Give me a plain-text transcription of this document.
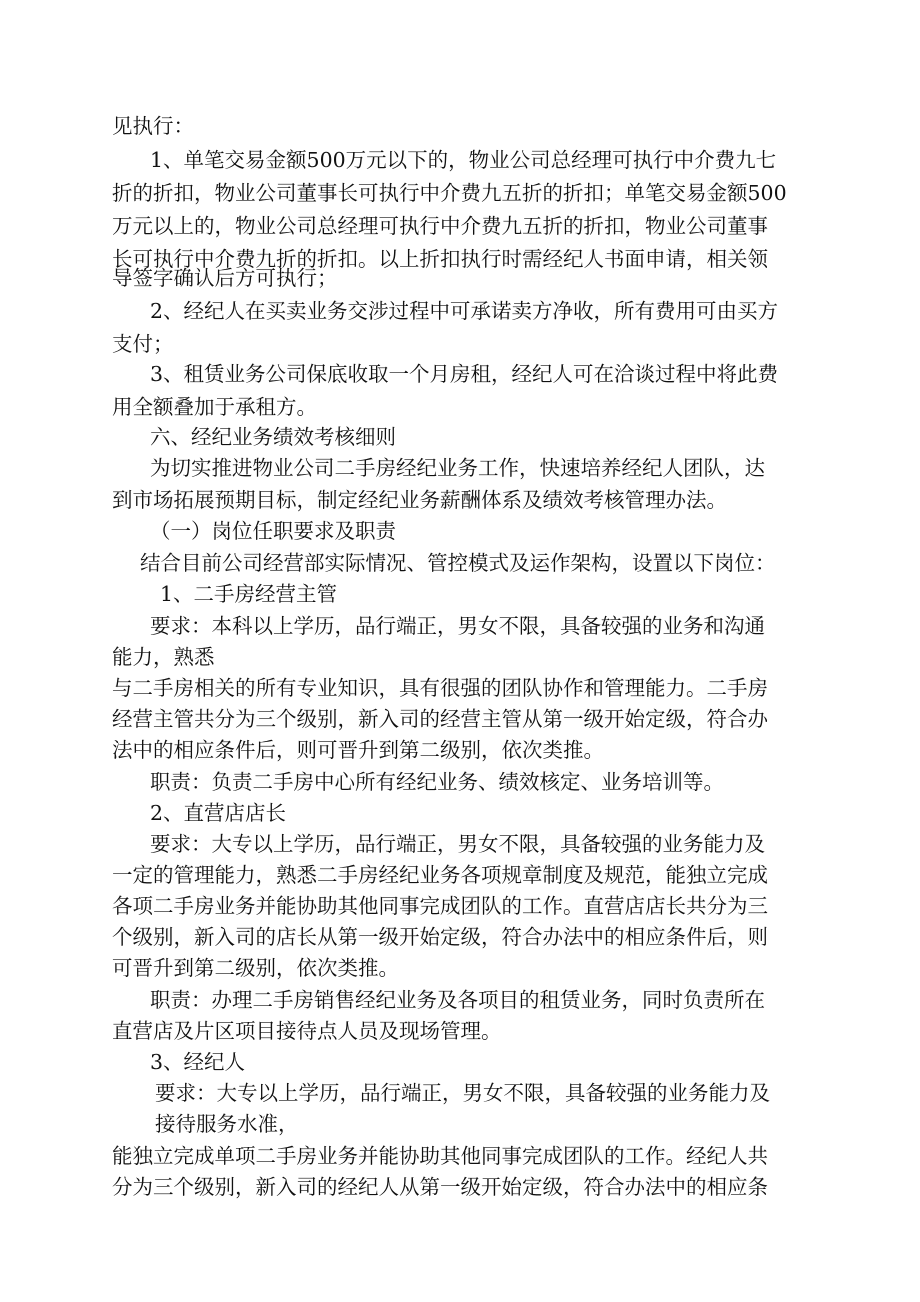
见执行：
1、单笔交易金额500万元以下的，物业公司总经理可执行中介费九七
折的折扣，物业公司董事长可执行中介费九五折的折扣；单笔交易金额500
万元以上的，物业公司总经理可执行中介费九五折的折扣，物业公司董事
长可执行中介费九折的折扣。以上折扣执行时需经纪人书面申请，相关领
导签字确认后方可执行；
2、经纪人在买卖业务交涉过程中可承诺卖方净收，所有费用可由买方
支付；
3、租赁业务公司保底收取一个月房租，经纪人可在洽谈过程中将此费
用全额叠加于承租方。
六、经纪业务绩效考核细则
为切实推进物业公司二手房经纪业务工作，快速培养经纪人团队，达
到市场拓展预期目标，制定经纪业务薪酬体系及绩效考核管理办法。
（一）岗位任职要求及职责
结合目前公司经营部实际情况、管控模式及运作架构，设置以下岗位：
1、二手房经营主管
要求：本科以上学历，品行端正，男女不限，具备较强的业务和沟通
能力，熟悉
与二手房相关的所有专业知识，具有很强的团队协作和管理能力。二手房
经营主管共分为三个级别，新入司的经营主管从第一级开始定级，符合办
法中的相应条件后，则可晋升到第二级别，依次类推。
职责：负责二手房中心所有经纪业务、绩效核定、业务培训等。
2、直营店店长
要求：大专以上学历，品行端正，男女不限，具备较强的业务能力及
一定的管理能力，熟悉二手房经纪业务各项规章制度及规范，能独立完成
各项二手房业务并能协助其他同事完成团队的工作。直营店店长共分为三
个级别，新入司的店长从第一级开始定级，符合办法中的相应条件后，则
可晋升到第二级别，依次类推。
职责：办理二手房销售经纪业务及各项目的租赁业务，同时负责所在
直营店及片区项目接待点人员及现场管理。
3、经纪人
要求：大专以上学历，品行端正，男女不限，具备较强的业务能力及
接待服务水准，
能独立完成单项二手房业务并能协助其他同事完成团队的工作。经纪人共
分为三个级别，新入司的经纪人从第一级开始定级，符合办法中的相应条
